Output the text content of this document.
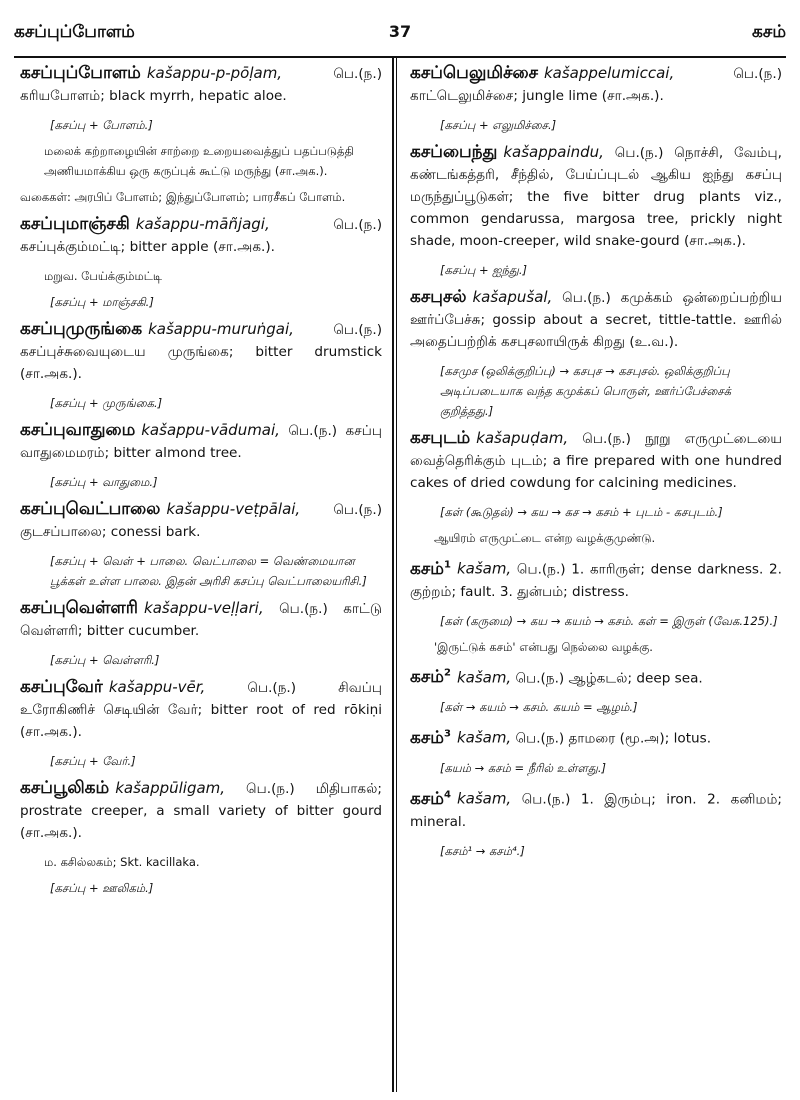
கசப்புப்போளம்	37	கசம்
கசப்புப்போளம் kašappu-p-pōḷam,	பெ.(ந.) கரியபோளம்; black myrrh, hepatic aloe.
[கசப்பு + போளம்.]
மலைக் கற்றாழையின் சாற்றை உறையவைத்துப் பதப்படுத்தி அணியமாக்கிய ஒரு கருப்புக் கூட்டு மருந்து (சா.அக.).
வகைகள்: அரபிப் போளம்; இந்துப்போளம்; பாரசீகப் போளம்.
கசப்புமாஞ்சகி kašappu-māñjagi,	பெ.(ந.) கசப்புக்கும்மட்டி; bitter apple (சா.அக.).
மறுவ. பேய்க்கும்மட்டி
[கசப்பு + மாஞ்சகி.]
கசப்புமுருங்கை kašappu-muruṅgai,	பெ.(ந.) கசப்புச்சுவையுடைய முருங்கை; bitter drumstick (சா.அக.).
[கசப்பு + முருங்கை.]
கசப்புவாதுமை kašappu-vādumai, பெ.(ந.) கசப்பு வாதுமைமரம்; bitter almond tree.
[கசப்பு + வாதுமை.]
கசப்புவெட்பாலை kašappu-veṭpālai, பெ.(ந.) குடசப்பாலை; conessi bark.
[கசப்பு + வெள் + பாலை. வெட்பாலை = வெண்மையான பூக்கள் உள்ள பாலை. இதன் அரிசி கசப்பு வெட்பாலையரிசி.]
கசப்புவெள்ளரி kašappu-veḷḷari, பெ.(ந.) காட்டு வெள்ளரி; bitter cucumber.
[கசப்பு + வெள்ளரி.]
கசப்புவேர் kašappu-vēr,	பெ.(ந.) சிவப்பு உரோகிணிச் செடியின் வேர்; bitter root of red rōkiṇi (சா.அக.).
[கசப்பு + வேர்.]
கசப்பூலிகம் kašappūligam, பெ.(ந.) மிதிபாகல்; prostrate creeper, a small variety of bitter gourd (சா.அக.).
ம. கசில்லகம்; Skt. kacillaka.
[கசப்பு + ஊலிகம்.]
கசப்பெலுமிச்சை kašappelumiccai,	பெ.(ந.) காட்டெலுமிச்சை; jungle lime (சா.அக.).
[கசப்பு + எலுமிச்சை.]
கசப்பைந்து kašappaindu, பெ.(ந.) நொச்சி, வேம்பு, கண்டங்கத்தரி, சீந்தில், பேய்ப்புடல் ஆகிய ஐந்து கசப்பு மருந்துப்பூடுகள்; the five bitter drug plants viz., common gendarussa, margosa tree, prickly night shade, moon-creeper, wild snake-gourd (சா.அக.).
[கசப்பு + ஐந்து.]
கசபுசல் kašapušal, பெ.(ந.) கமுக்கம் ஒன்றைப்பற்றிய ஊர்ப்பேச்சு; gossip about a secret, tittle-tattle. ஊரில் அதைப்பற்றிக் கசபுசலாயிருக் கிறது (உ.வ.).
[கசமுச (ஒலிக்குறிப்பு) → கசபுச → கசபுசல். ஒலிக்குறிப்பு அடிப்படையாக வந்த கமுக்கப் பொருள், ஊர்ப்பேச்சைக் குறித்தது.]
கசபுடம் kašapuḍam, பெ.(ந.) நூறு எருமுட்டையை வைத்தெரிக்கும் புடம்; a fire prepared with one hundred cakes of dried cowdung for calcining medicines.
[கள் (கூடுதல்) → கய → கச → கசம் + புடம் - கசபுடம்.]
ஆயிரம் எருமுட்டை என்ற வழக்குமுண்டு.
கசம்$^1$ kašam, பெ.(ந.) 1. காரிருள்; dense darkness. 2. குற்றம்; fault. 3. துன்பம்; distress.
[கள் (கருமை) → கய → கயம் → கசம். கள் = இருள் (வேக.125).]
'இருட்டுக் கசம்' என்பது நெல்லை வழக்கு.
கசம்$^2$ kašam, பெ.(ந.) ஆழ்கடல்; deep sea.
[கள் → கயம் → கசம். கயம் = ஆழம்.]
கசம்$^3$ kašam, பெ.(ந.) தாமரை (மூ.அ); lotus.
[கயம் → கசம் = நீரில் உள்ளது.]
கசம்$^4$ kašam, பெ.(ந.) 1. இரும்பு; iron. 2. கனிமம்; mineral.
[கசம்¹ → கசம்⁴.]
